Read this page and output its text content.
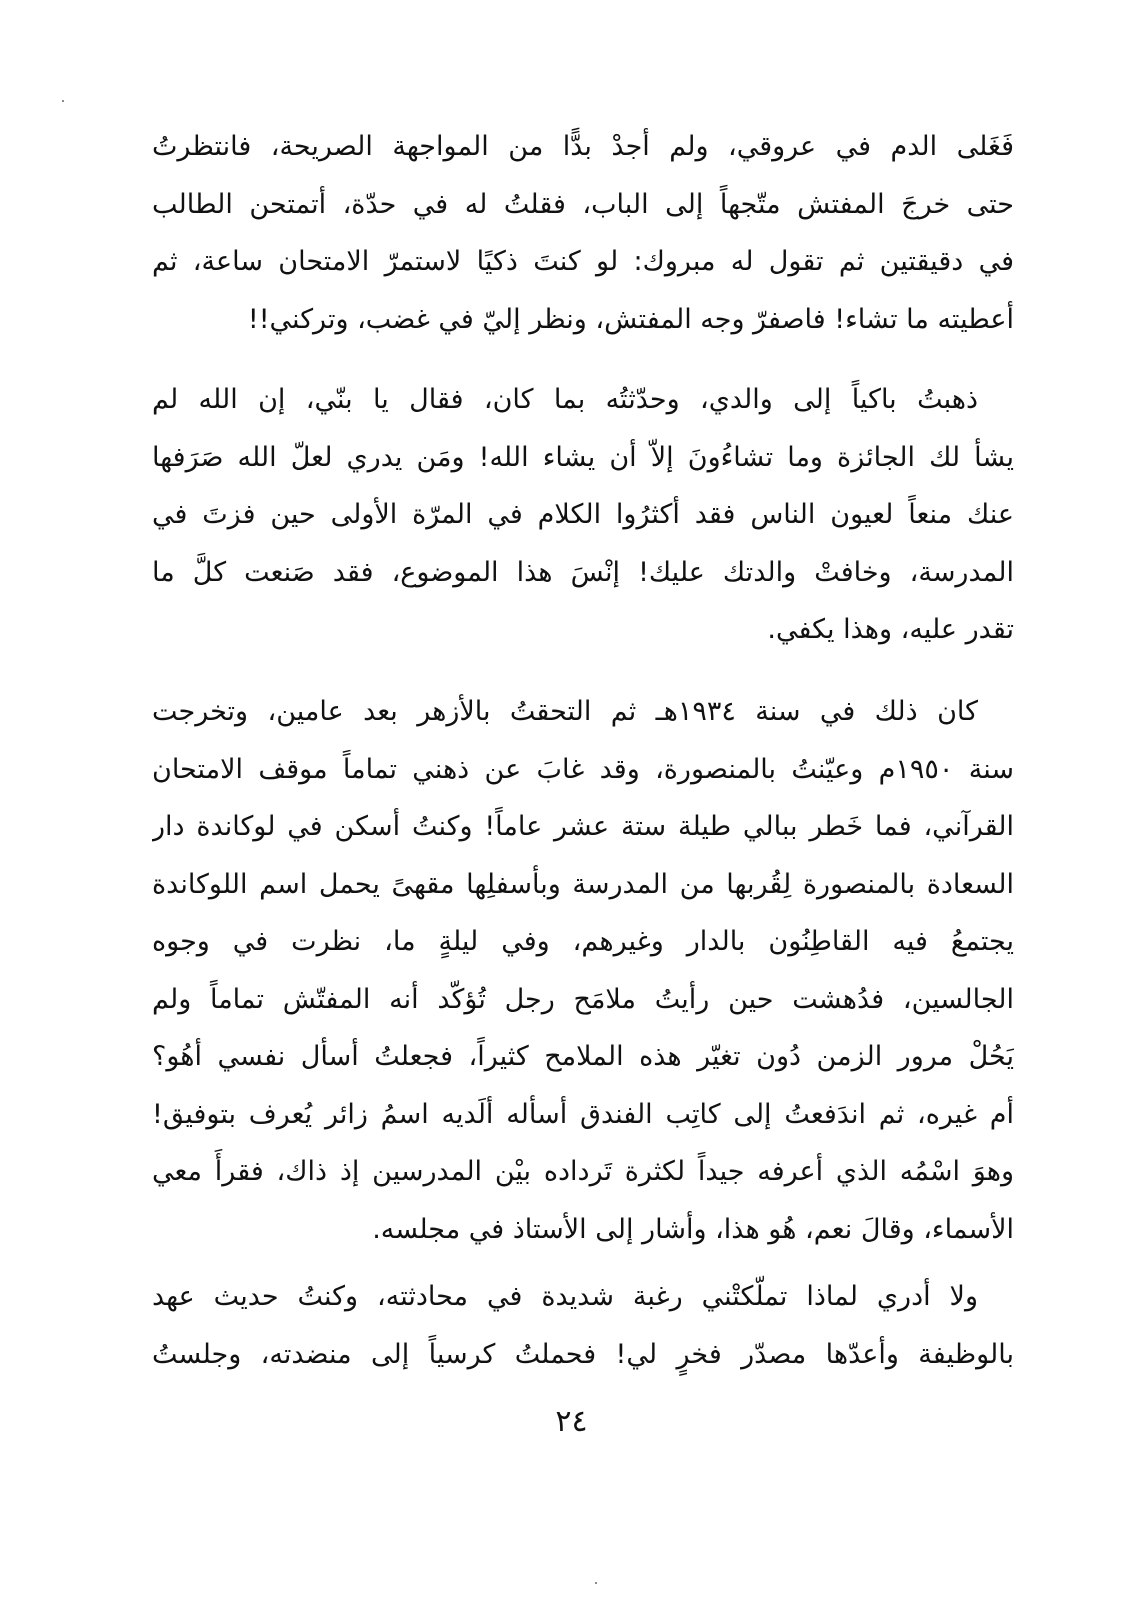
فَغَلى الدم في عروقي، ولم أجدْ بدًّا من المواجهة الصريحة، فانتظرتُ
حتى خرجَ المفتش متّجهاً إلى الباب، فقلتُ له في حدّة، أتمتحن الطالب
في دقيقتين ثم تقول له مبروك: لو كنتَ ذكيًا لاستمرّ الامتحان ساعة، ثم
أعطيته ما تشاء! فاصفرّ وجه المفتش، ونظر إليّ في غضب، وتركني!!
ذهبتُ باكياً إلى والدي، وحدّثتُه بما كان، فقال يا بنّي، إن الله لم
يشأ لك الجائزة وما تشاءُونَ إلاّ أن يشاء الله! ومَن يدري لعلّ الله صَرَفها
عنك منعاً لعيون الناس فقد أكثرُوا الكلام في المرّة الأولى حين فزتَ في
المدرسة، وخافتْ والدتك عليك! إنْسَ هذا الموضوع، فقد صَنعت كلَّ ما
تقدر عليه، وهذا يكفي.
كان ذلك في سنة ١٩٣٤هـ ثم التحقتُ بالأزهر بعد عامين، وتخرجت
سنة ١٩٥٠م وعيّنتُ بالمنصورة، وقد غابَ عن ذهني تماماً موقف الامتحان
القرآني، فما خَطر ببالي طيلة ستة عشر عاماً! وكنتُ أسكن في لوكاندة دار
السعادة بالمنصورة لِقُربها من المدرسة وبأسفلِها مقهىً يحمل اسم اللوكاندة
يجتمعُ فيه القاطِنُون بالدار وغيرهم، وفي ليلةٍ ما، نظرت في وجوه
الجالسين، فدُهشت حين رأيتُ ملامَح رجل تُؤكّد أنه المفتّش تماماً ولم
يَحُلْ مرور الزمن دُون تغيّر هذه الملامح كثيراً، فجعلتُ أسأل نفسي أهُو؟
أم غيره، ثم اندَفعتُ إلى كاتِب الفندق أسأله ألَديه اسمُ زائر يُعرف بتوفيق!
وهوَ اسْمُه الذي أعرفه جيداً لكثرة تَرداده بيْن المدرسين إذ ذاك، فقرأَ معي
الأسماء، وقالَ نعم، هُو هذا، وأشار إلى الأستاذ في مجلسه.
ولا أدري لماذا تملّكتْني رغبة شديدة في محادثته، وكنتُ حديث عهد
بالوظيفة وأعدّها مصدّر فخرٍ لي! فحملتُ كرسياً إلى منضدته، وجلستُ
٢٤
